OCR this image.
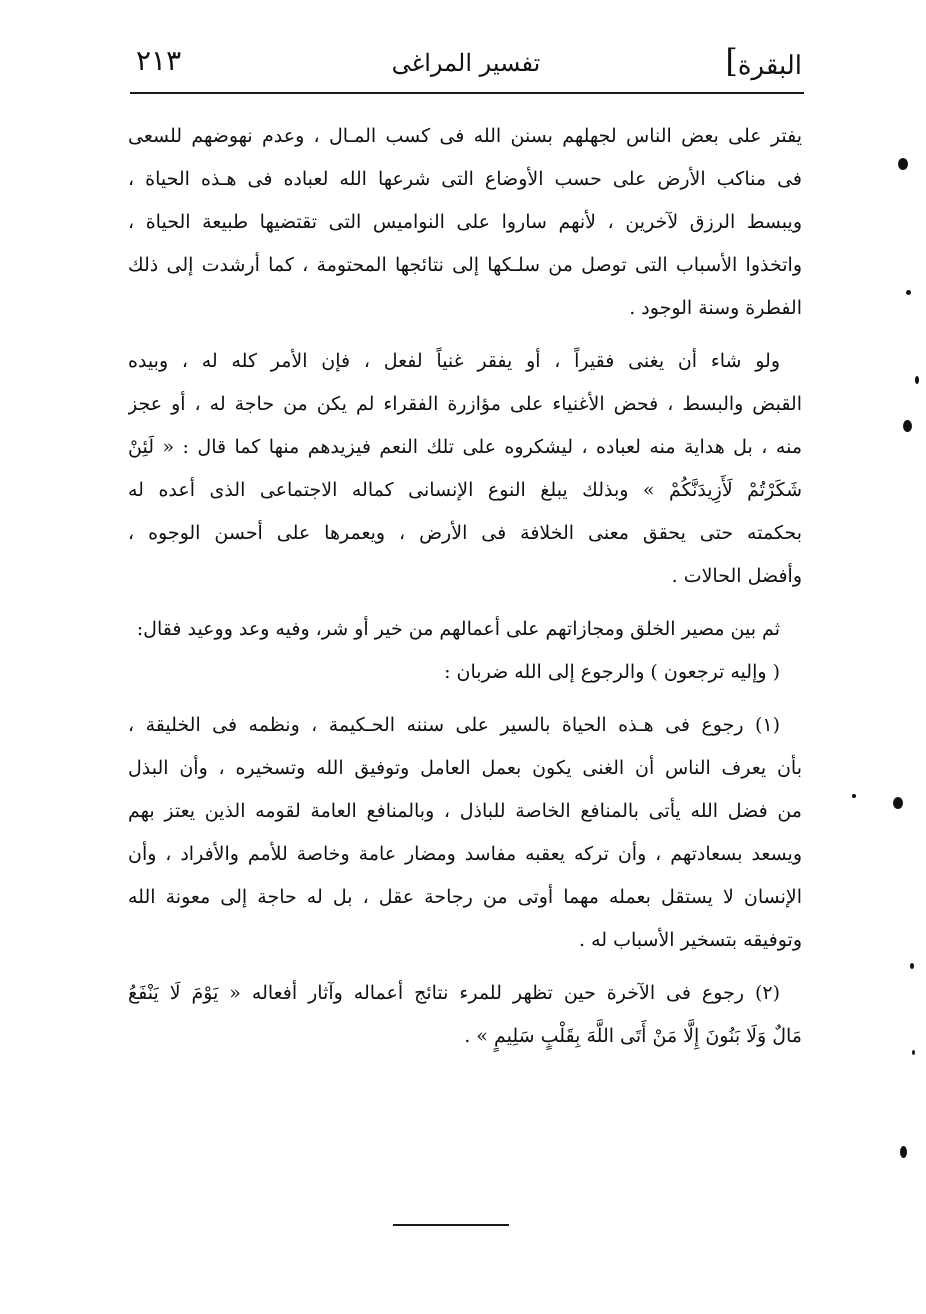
البقرة]
تفسير المراغى
٢١٣

يفتر على بعض الناس لجهلهم بسنن الله فى كسب المـال ، وعدم نهوضهم للسعى
فى مناكب الأرض على حسب الأوضاع التى شرعها الله لعباده فى هـذه الحياة ،
ويبسط الرزق لآخرين ، لأنهم ساروا على النواميس التى تقتضيها طبيعة الحياة ،
واتخذوا الأسباب التى توصل من سلـكها إلى نتائجها المحتومة ، كما أرشدت إلى ذلك
الفطرة وسنة الوجود .

ولو شاء أن يغنى فقيراً ، أو يفقر غنياً لفعل ، فإن الأمر كله له ، وبيده
القبض والبسط ، فحض الأغنياء على مؤازرة الفقراء لم يكن من حاجة له ، أو عجز
منه ، بل هداية منه لعباده ، ليشكروه على تلك النعم فيزيدهم منها كما قال : « لَئِنْ
شَكَرْتُمْ لَأَزِيدَنَّكُمْ » وبذلك يبلغ النوع الإنسانى كماله الاجتماعى الذى أعده له
بحكمته حتى يحقق معنى الخلافة فى الأرض ، ويعمرها على أحسن الوجوه ،
وأفضل الحالات .

ثم بين مصير الخلق ومجازاتهم على أعمالهم من خير أو شر، وفيه وعد ووعيد فقال:

( وإليه ترجعون ) والرجوع إلى الله ضربان :

(١) رجوع فى هـذه الحياة بالسير على سننه الحـكيمة ، ونظمه فى الخليقة ،
بأن يعرف الناس أن الغنى يكون بعمل العامل وتوفيق الله وتسخيره ، وأن البذل
من فضل الله يأتى بالمنافع الخاصة للباذل ، وبالمنافع العامة لقومه الذين يعتز بهم
ويسعد بسعادتهم ، وأن تركه يعقبه مفاسد ومضار عامة وخاصة للأمم والأفراد ، وأن
الإنسان لا يستقل بعمله مهما أوتى من رجاحة عقل ، بل له حاجة إلى معونة الله
وتوفيقه بتسخير الأسباب له .

(٢) رجوع فى الآخرة حين تظهر للمرء نتائج أعماله وآثار أفعاله « يَوْمَ لَا يَنْفَعُ
مَالٌ وَلَا بَنُونَ إِلَّا مَنْ أَتَى اللَّهَ بِقَلْبٍ سَلِيمٍ » .
